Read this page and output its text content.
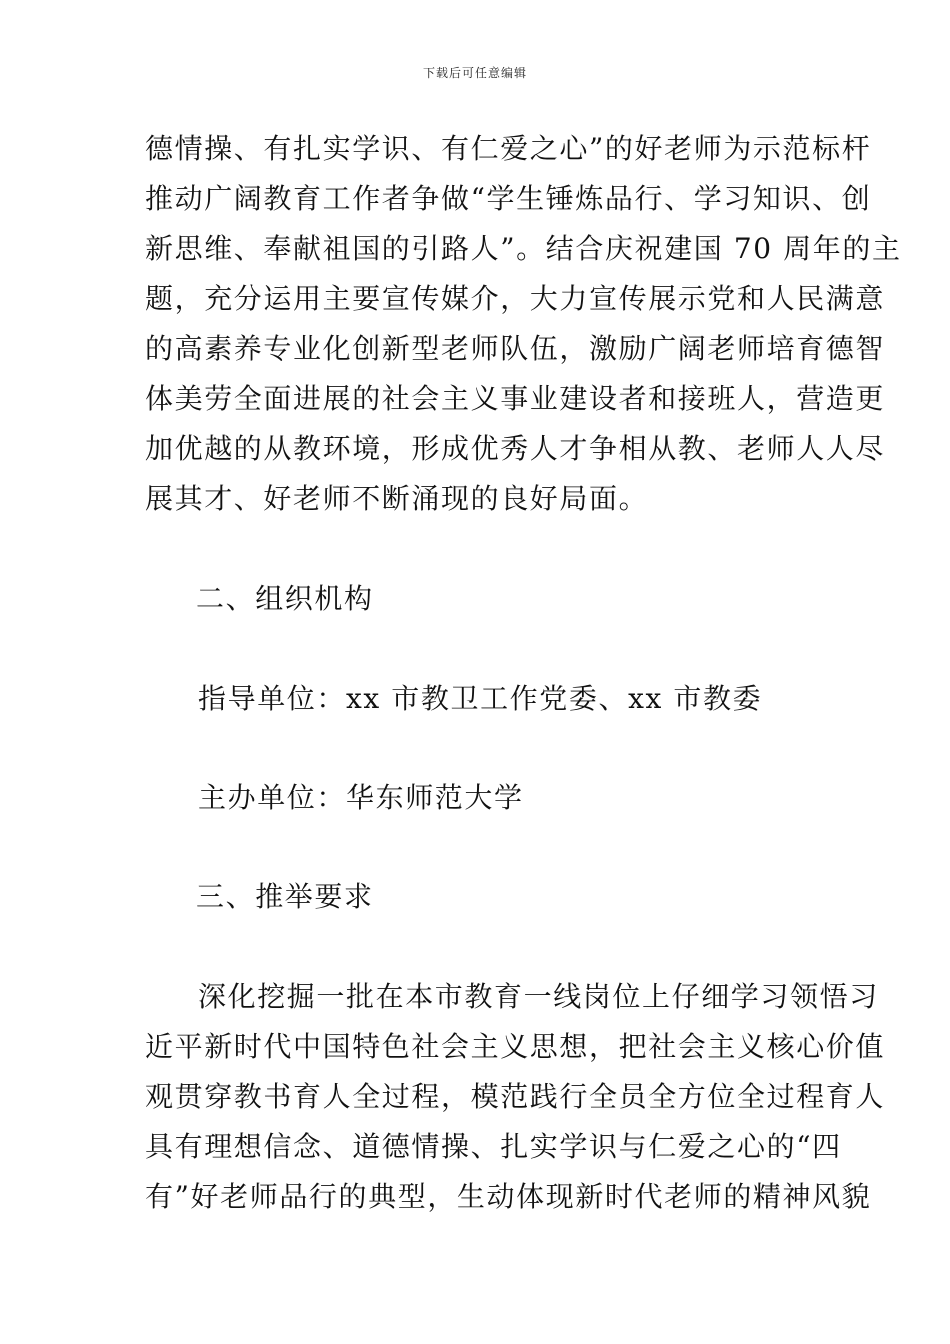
下载后可任意编辑
德情操、有扎实学识、有仁爱之心”的好老师为示范标杆
推动广阔教育工作者争做“学生锤炼品行、学习知识、创
新思维、奉献祖国的引路人”。结合庆祝建国 70 周年的主
题，充分运用主要宣传媒介，大力宣传展示党和人民满意
的高素养专业化创新型老师队伍，激励广阔老师培育德智
体美劳全面进展的社会主义事业建设者和接班人，营造更
加优越的从教环境，形成优秀人才争相从教、老师人人尽
展其才、好老师不断涌现的良好局面。
二、组织机构
指导单位：xx 市教卫工作党委、xx 市教委
主办单位：华东师范大学
三、推举要求
深化挖掘一批在本市教育一线岗位上仔细学习领悟习
近平新时代中国特色社会主义思想，把社会主义核心价值
观贯穿教书育人全过程，模范践行全员全方位全过程育人
具有理想信念、道德情操、扎实学识与仁爱之心的“四
有”好老师品行的典型，生动体现新时代老师的精神风貌
